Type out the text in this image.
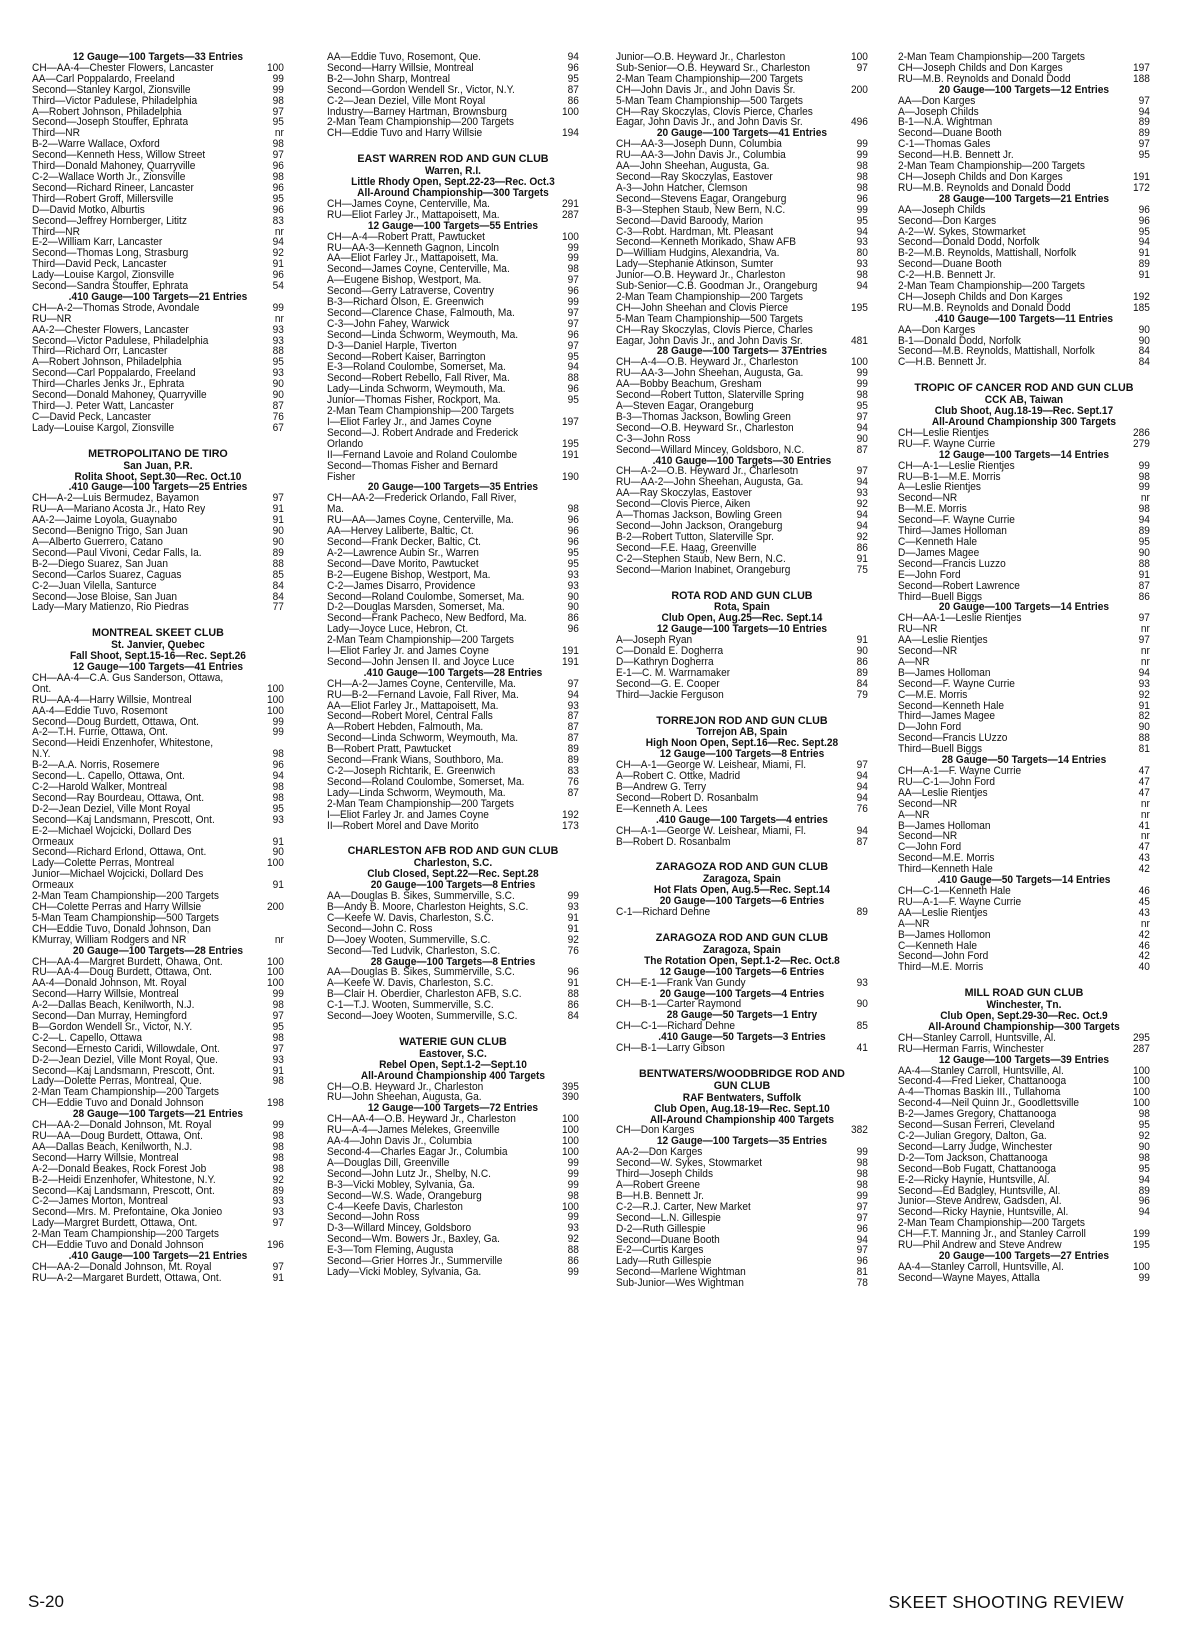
12 Gauge—100 Targets—33 Entries
CH—AA-4—Chester Flowers, Lancaster	100
AA—Carl Poppalardo, Freeland	99
Second—Stanley Kargol, Zionsville	99
Third—Victor Padulese, Philadelphia	98
A—Robert Johnson, Philadelphia	97
Second—Joseph Stouffer, Ephrata	95
Third—NR	nr
B-2—Warre Wallace, Oxford	98
Second—Kenneth Hess, Willow Street	97
Third—Donald Mahoney, Quarryville	96
C-2—Wallace Worth Jr., Zionsville	98
Second—Richard Rineer, Lancaster	96
Third—Robert Groff, Millersville	95
D—David Motko, Alburtis	96
Second—Jeffrey Hornberger, Lititz	83
Third—NR	nr
E-2—William Karr, Lancaster	94
Second—Thomas Long, Strasburg	92
Third—David Peck, Lancaster	91
Lady—Louise Kargol, Zionsville	96
Second—Sandra Stouffer, Ephrata	54
.410 Gauge—100 Targets—21 Entries
CH—A-2—Thomas Strode, Avondale	99
RU—NR	nr
AA-2—Chester Flowers, Lancaster	93
Second—Victor Padulese, Philadelphia	93
Third—Richard Orr, Lancaster	88
A—Robert Johnson, Philadelphia	95
Second—Carl Poppalardo, Freeland	93
Third—Charles Jenks Jr., Ephrata	90
Second—Donald Mahoney, Quarryville	90
Third—J. Peter Watt, Lancaster	87
C—David Peck, Lancaster	76
Lady—Louise Kargol, Zionsville	67
METROPOLITANO DE TIRO
San Juan, P.R.
Rolita Shoot, Sept.30—Rec. Oct.10
.410 Gauge—100 Targets—25 Entries
CH—A-2—Luis Bermudez, Bayamon	97
RU—A—Mariano Acosta Jr., Hato Rey	91
AA-2—Jaime Loyola, Guaynabo	91
Second—Benigno Trigo, San Juan	90
A—Alberto Guerrero, Catano	90
Second—Paul Vivoni, Cedar Falls, Ia.	89
B-2—Diego Suarez, San Juan	88
Second—Carlos Suarez, Caguas	85
C-2—Juan Vilella, Santurce	84
Second—Jose Bloise, San Juan	84
Lady—Mary Matienzo, Rio Piedras	77
MONTREAL SKEET CLUB
St. Janvier, Quebec
Fall Shoot, Sept.15-16—Rec. Sept.26
12 Gauge—100 Targets—41 Entries
CH—AA-4—C.A. Gus Sanderson, Ottawa,
Ont.	100
RU—AA-4—Harry Willsie, Montreal	100
AA-4—Eddie Tuvo, Rosemont	100
Second—Doug Burdett, Ottawa, Ont.	99
A-2—T.H. Furrie, Ottawa, Ont.	99
Second—Heidi Enzenhofer, Whitestone,
N.Y.	98
B-2—A.A. Norris, Rosemere	96
Second—L. Capello, Ottawa, Ont.	94
C-2—Harold Walker, Montreal	98
Second—Ray Bourdeau, Ottawa, Ont.	98
D-2—Jean Deziel, Ville Mont Royal	95
Second—Kaj Landsmann, Prescott, Ont.	93
E-2—Michael Wojcicki, Dollard Des
Ormeaux	91
Second—Richard Erlond, Ottawa, Ont.	90
Lady—Colette Perras, Montreal	100
Junior—Michael Wojcicki, Dollard Des
Ormeaux	91
2-Man Team Championship—200 Targets
CH—Colette Perras and Harry Willsie	200
5-Man Team Championship—500 Targets
CH—Eddie Tuvo, Donald Johnson, Dan
KMurray, William Rodgers and NR	nr
20 Gauge—100 Targets—28 Entries
CH—AA-4—Margret Burdett, Ohawa, Ont.	100
RU—AA-4—Doug Burdett, Ottawa, Ont.	100
AA-4—Donald Johnson, Mt. Royal	100
Second—Harry Willsie, Montreal	99
A-2—Dallas Beach, Kenilworth, N.J.	98
Second—Dan Murray, Hemingford	97
B—Gordon Wendell Sr., Victor, N.Y.	95
C-2—L. Capello, Ottawa	98
Second—Ernesto Caridi, Willowdale, Ont.	97
D-2—Jean Deziel, Ville Mont Royal, Que.	93
Second—Kaj Landsmann, Prescott, Ont.	91
Lady—Dolette Perras, Montreal, Que.	98
2-Man Team Championship—200 Targets
CH—Eddie Tuvo and Donald Johnson	198
28 Gauge—100 Targets—21 Entries
CH—AA-2—Donald Johnson, Mt. Royal	99
RU—AA—Doug Burdett, Ottawa, Ont.	98
AA—Dallas Beach, Kenilworth, N.J.	98
Second—Harry Willsie, Montreal	98
A-2—Donald Beakes, Rock Forest Job	98
B-2—Heidi Enzenhofer, Whitestone, N.Y.	92
Second—Kaj Landsmann, Prescott, Ont.	89
C-2—James Morton, Montreal	93
Second—Mrs. M. Prefontaine, Oka Jonieo	93
Lady—Margret Burdett, Ottawa, Ont.	97
2-Man Team Championship—200 Targets
CH—Eddie Tuvo and Donald Johnson	196
.410 Gauge—100 Targets—21 Entries
CH—AA-2—Donald Johnson, Mt. Royal	97
RU—A-2—Margaret Burdett, Ottawa, Ont.	91
AA—Eddie Tuvo, Rosemont, Que.	94
Second—Harry Willsie, Montreal	96
B-2—John Sharp, Montreal	95
Second—Gordon Wendell Sr., Victor, N.Y.	87
C-2—Jean Deziel, Ville Mont Royal	86
Industry—Barney Hartman, Brownsburg	100
2-Man Team Championship—200 Targets
CH—Eddie Tuvo and Harry Willsie	194
EAST WARREN ROD AND GUN CLUB
Warren, R.I.
Little Rhody Open, Sept.22-23—Rec. Oct.3
All-Around Championship—300 Targets
CH—James Coyne, Centerville, Ma.	291
RU—Eliot Farley Jr., Mattapoisett, Ma.	287
12 Gauge—100 Targets—55 Entries
CH—A-4—Robert Pratt, Pawtucket	100
RU—AA-3—Kenneth Gagnon, Lincoln	99
AA—Eliot Farley Jr., Mattapoisett, Ma.	99
Second—James Coyne, Centerville, Ma.	98
A—Eugene Bishop, Westport, Ma.	97
Second—Gerry Latraverse, Coventry	96
B-3—Richard Olson, E. Greenwich	99
Second—Clarence Chase, Falmouth, Ma.	97
C-3—John Fahey, Warwick	97
Second—Linda Schworm, Weymouth, Ma.	96
D-3—Daniel Harple, Tiverton	97
Second—Robert Kaiser, Barrington	95
E-3—Roland Coulombe, Somerset, Ma.	94
Second—Robert Rebello, Fall River, Ma.	88
Lady—Linda Schworm, Weymouth, Ma.	96
Junior—Thomas Fisher, Rockport, Ma.	95
2-Man Team Championship—200 Targets
I—Eliot Farley Jr., and James Coyne	197
Second—J. Robert Andrade and Frederick
Orlando	195
II—Fernand Lavoie and Roland Coulombe	191
Second—Thomas Fisher and Bernard
Fisher	190
20 Gauge—100 Targets—35 Entries
CH—AA-2—Frederick Orlando, Fall River,
Ma.	98
RU—AA—James Coyne, Centerville, Ma.	96
AA—Hervey Laliberte, Baltic, Ct.	96
Second—Frank Decker, Baltic, Ct.	96
A-2—Lawrence Aubin Sr., Warren	95
Second—Dave Morito, Pawtucket	95
B-2—Eugene Bishop, Westport, Ma.	93
C-2—James Disarro, Providence	93
Second—Roland Coulombe, Somerset, Ma.	90
D-2—Douglas Marsden, Somerset, Ma.	90
Second—Frank Pacheco, New Bedford, Ma.	86
Lady—Joyce Luce, Hebron, Ct.	96
2-Man Team Championship—200 Targets
I—Eliot Farley Jr. and James Coyne	191
Second—John Jensen II. and Joyce Luce	191
.410 Gauge—100 Targets—28 Entries
CH—A-2—James Coyne, Centerville, Ma.	97
RU—B-2—Fernand Lavoie, Fall River, Ma.	94
AA—Eliot Farley Jr., Mattapoisett, Ma.	93
Second—Robert Morel, Central Falls	87
A—Robert Hebden, Falmouth, Ma.	87
Second—Linda Schworm, Weymouth, Ma.	87
B—Robert Pratt, Pawtucket	89
Second—Frank Wians, Southboro, Ma.	89
C-2—Joseph Richtarik, E. Greenwich	83
Second—Roland Coulombe, Somerset, Ma.	76
Lady—Linda Schworm, Weymouth, Ma.	87
2-Man Team Championship—200 Targets
I—Eliot Farley Jr. and James Coyne	192
II—Robert Morel and Dave Morito	173
CHARLESTON AFB ROD AND GUN CLUB
Charleston, S.C.
Club Closed, Sept.22—Rec. Sept.28
20 Gauge—100 Targets—8 Entries
AA—Douglas B. Sikes, Summerville, S.C.	99
B—Andy B. Moore, Charleston Heights, S.C.	93
C—Keefe W. Davis, Charleston, S.C.	91
Second—John C. Ross	91
D—Joey Wooten, Summerville, S.C.	92
Second—Ted Ludvik, Charleston, S.C.	76
28 Gauge—100 Targets—8 Entries
AA—Douglas B. Sikes, Summerville, S.C.	96
A—Keefe W. Davis, Charleston, S.C.	91
B—Clair H. Oberdier, Charleston AFB, S.C.	88
C-1—T.J. Wooten, Summerville, S.C.	86
Second—Joey Wooten, Summerville, S.C.	84
WATERIE GUN CLUB
Eastover, S.C.
Rebel Open, Sept.1-2—Sept.10
All-Around Championship 400 Targets
CH—O.B. Heyward Jr., Charleston	395
RU—John Sheehan, Augusta, Ga.	390
12 Gauge—100 Targets—72 Entries
CH—AA-4—O.B. Heyward Jr., Charleston	100
RU—A-4—James Melekes, Greenville	100
AA-4—John Davis Jr., Columbia	100
Second-4—Charles Eagar Jr., Columbia	100
A—Douglas Dill, Greenville	99
Second—John Lutz Jr., Shelby, N.C.	99
B-3—Vicki Mobley, Sylvania, Ga.	99
Second—W.S. Wade, Orangeburg	98
C-4—Keefe Davis, Charleston	100
Second—John Ross	99
D-3—Willard Mincey, Goldsboro	93
Second—Wm. Bowers Jr., Baxley, Ga.	92
E-3—Tom Fleming, Augusta	88
Second—Grier Horres Jr., Summerville	86
Lady—Vicki Mobley, Sylvania, Ga.	99
Junior—O.B. Heyward Jr., Charleston	100
Sub-Senior—O.B. Heyward Sr., Charleston	97
2-Man Team Championship—200 Targets
CH—John Davis Jr., and John Davis Sr.	200
5-Man Team Championship—500 Targets
CH—Ray Skoczylas, Clovis Pierce, Charles
Eagar, John Davis Jr., and John Davis Sr.	496
20 Gauge—100 Targets—41 Entries
CH—AA-3—Joseph Dunn, Columbia	99
RU—AA-3—John Davis Jr., Columbia	99
AA—John Sheehan, Augusta, Ga.	98
Second—Ray Skoczylas, Eastover	98
A-3—John Hatcher, Clemson	98
Second—Stevens Eagar, Orangeburg	96
B-3—Stephen Staub, New Bern, N.C.	99
Second—David Baroody, Marion	95
C-3—Robt. Hardman, Mt. Pleasant	94
Second—Kenneth Morikado, Shaw AFB	93
D—William Hudgins, Alexandria, Va.	80
Lady—Stephanie Atkinson, Sumter	93
Junior—O.B. Heyward Jr., Charleston	98
Sub-Senior—C.B. Goodman Jr., Orangeburg	94
2-Man Team Championship—200 Targets
CH—John Sheehan and Clovis Pierce	195
5-Man Team Championship—500 Targets
CH—Ray Skoczylas, Clovis Pierce, Charles
Eagar, John Davis Jr., and John Davis Sr.	481
28 Gauge—100 Targets— 37Entries
CH—A-4—O.B. Heyward Jr., Charleston	100
RU—AA-3—John Sheehan, Augusta, Ga.	99
AA—Bobby Beachum, Gresham	99
Second—Robert Tutton, Slaterville Spring	98
A—Steven Eagar, Orangeburg	95
B-3—Thomas Jackson, Bowling Green	97
Second—O.B. Heyward Sr., Charleston	94
C-3—John Ross	90
Second—Willard Mincey, Goldsboro, N.C.	87
.410 Gauge—100 Targets—30 Entries
CH—A-2—O.B. Heyward Jr., Charlesotn	97
RU—AA-2—John Sheehan, Augusta, Ga.	94
AA—Ray Skoczylas, Eastover	93
Second—Clovis Pierce, Aiken	92
A—Thomas Jackson, Bowling Green	94
Second—John Jackson, Orangeburg	94
B-2—Robert Tutton, Slaterville Spr.	92
Second—F.E. Haag, Greenville	86
C-2—Stephen Staub, New Bern, N.C.	91
Second—Marion Inabinet, Orangeburg	75
ROTA ROD AND GUN CLUB
Rota, Spain
Club Open, Aug.25—Rec. Sept.14
12 Gauge—100 Targets—10 Entries
A—Joseph Ryan	91
C—Donald E. Dogherra	90
D—Kathryn Dogherra	86
E-1—C. M. Warrnamaker	89
Second—G. E. Cooper	84
Third—Jackie Ferguson	79
TORREJON ROD AND GUN CLUB
Torrejon AB, Spain
High Noon Open, Sept.16—Rec. Sept.28
12 Gauge—100 Targets—8 Entries
CH—A-1—George W. Leishear, Miami, Fl.	97
A—Robert C. Ottke, Madrid	94
B—Andrew G. Terry	94
Second—Robert D. Rosanbalm	94
E—Kenneth A. Lees	76
.410 Gauge—100 Targets—4 entries
CH—A-1—George W. Leishear, Miami, Fl.	94
B—Robert D. Rosanbalm	87
ZARAGOZA ROD AND GUN CLUB
Zaragoza, Spain
Hot Flats Open, Aug.5—Rec. Sept.14
20 Gauge—100 Targets—6 Entries
C-1—Richard Dehne	89
ZARAGOZA ROD AND GUN CLUB
Zaragoza, Spain
The Rotation Open, Sept.1-2—Rec. Oct.8
12 Gauge—100 Targets—6 Entries
CH—E-1—Frank Van Gundy	93
20 Gauge—100 Targets—4 Entries
CH—B-1—Carter Raymond	90
28 Gauge—50 Targets—1 Entry
CH—C-1—Richard Dehne	85
.410 Gauge—50 Targets—3 Entries
CH—B-1—Larry Gibson	41
BENTWATERS/WOODBRIDGE ROD AND
GUN CLUB
RAF Bentwaters, Suffolk
Club Open, Aug.18-19—Rec. Sept.10
All-Around Championship 400 Targets
CH—Don Karges	382
12 Gauge—100 Targets—35 Entries
AA-2—Don Karges	99
Second—W. Sykes, Stowmarket	98
Third—Joseph Childs	98
A—Robert Greene	98
B—H.B. Bennett Jr.	99
C-2—R.J. Carter, New Market	97
Second—L.N. Gillespie	97
D-2—Ruth Gillespie	96
Second—Duane Booth	94
E-2—Curtis Karges	97
Lady—Ruth Gillespie	96
Second—Marlene Wightman	81
Sub-Junior—Wes Wightman	78
2-Man Team Championship—200 Targets
CH—Joseph Childs and Don Karges	197
RU—M.B. Reynolds and Donald Dodd	188
20 Gauge—100 Targets—12 Entries
AA—Don Karges	97
A—Joseph Childs	94
B-1—N.A. Wightman	89
Second—Duane Booth	89
C-1—Thomas Gales	97
Second—H.B. Bennett Jr.	95
2-Man Team Championship—200 Targets
CH—Joseph Childs and Don Karges	191
RU—M.B. Reynolds and Donald Dodd	172
28 Gauge—100 Targets—21 Entries
AA—Joseph Childs	96
Second—Don Karges	96
A-2—W. Sykes, Stowmarket	95
Second—Donald Dodd, Norfolk	94
B-2—M.B. Reynolds, Mattishall, Norfolk	91
Second—Duane Booth	89
C-2—H.B. Bennett Jr.	91
2-Man Team Championship—200 Targets
CH—Joseph Childs and Don Karges	192
RU—M.B. Reynolds and Donald Dodd	185
.410 Gauge—100 Targets—11 Entries
AA—Don Karges	90
B-1—Donald Dodd, Norfolk	90
Second—M.B. Reynolds, Mattishall, Norfolk	84
C—H.B. Bennett Jr.	84
TROPIC OF CANCER ROD AND GUN CLUB
CCK AB, Taiwan
Club Shoot, Aug.18-19—Rec. Sept.17
All-Around Championship 300 Targets
CH—Leslie Rientjes	286
RU—F. Wayne Currie	279
12 Gauge—100 Targets—14 Entries
CH—A-1—Leslie Rientjes	99
RU—B-1—M.E. Morris	98
A—Leslie Rientjes	99
Second—NR	nr
B—M.E. Morris	98
Second—F. Wayne Currie	94
Third—James Holloman	89
C—Kenneth Hale	95
D—James Magee	90
Second—Francis Luzzo	88
E—John Ford	91
Second—Robert Lawrence	87
Third—Buell Biggs	86
20 Gauge—100 Targets—14 Entries
CH—AA-1—Leslie Rientjes	97
RU—NR	nr
AA—Leslie Rientjes	97
Second—NR	nr
A—NR	nr
B—James Holloman	94
Second—F. Wayne Currie	93
C—M.E. Morris	92
Second—Kenneth Hale	91
Third—James Magee	82
D—John Ford	90
Second—Francis LUzzo	88
Third—Buell Biggs	81
28 Gauge—50 Targets—14 Entries
CH—A-1—F. Wayne Currie	47
RU—C-1—John Ford	47
AA—Leslie Rientjes	47
Second—NR	nr
A—NR	nr
B—James Holloman	41
Second—NR	nr
C—John Ford	47
Second—M.E. Morris	43
Third—Kenneth Hale	42
.410 Gauge—50 Targets—14 Entries
CH—C-1—Kenneth Hale	46
RU—A-1—F. Wayne Currie	45
AA—Leslie Rientjes	43
A—NR	nr
B—James Hollomon	42
C—Kenneth Hale	46
Second—John Ford	42
Third—M.E. Morris	40
MILL ROAD GUN CLUB
Winchester, Tn.
Club Open, Sept.29-30—Rec. Oct.9
All-Around Championship—300 Targets
CH—Stanley Carroll, Huntsville, Al.	295
RU—Herman Farris, Winchester	287
12 Gauge—100 Targets—39 Entries
AA-4—Stanley Carroll, Huntsville, Al.	100
Second-4—Fred Lieker, Chattanooga	100
A-4—Thomas Baskin III., Tullahoma	100
Second-4—Neil Quinn Jr., Goodlettsville	100
B-2—James Gregory, Chattanooga	98
Second—Susan Ferreri, Cleveland	95
C-2—Julian Gregory, Dalton, Ga.	92
Second—Larry Judge, Winchester	90
D-2—Tom Jackson, Chattanooga	98
Second—Bob Fugatt, Chattanooga	95
E-2—Ricky Haynie, Huntsville, Al.	94
Second—Ed Badgley, Huntsville, Al.	89
Junior—Steve Andrew, Gadsden, Al.	96
Second—Ricky Haynie, Huntsville, Al.	94
2-Man Team Championship—200 Targets
CH—F.T. Manning Jr., and Stanley Carroll	199
RU—Phil Andrew and Steve Andrew	195
20 Gauge—100 Targets—27 Entries
AA-4—Stanley Carroll, Huntsville, Al.	100
Second—Wayne Mayes, Attalla	99
S-20	SKEET SHOOTING REVIEW
